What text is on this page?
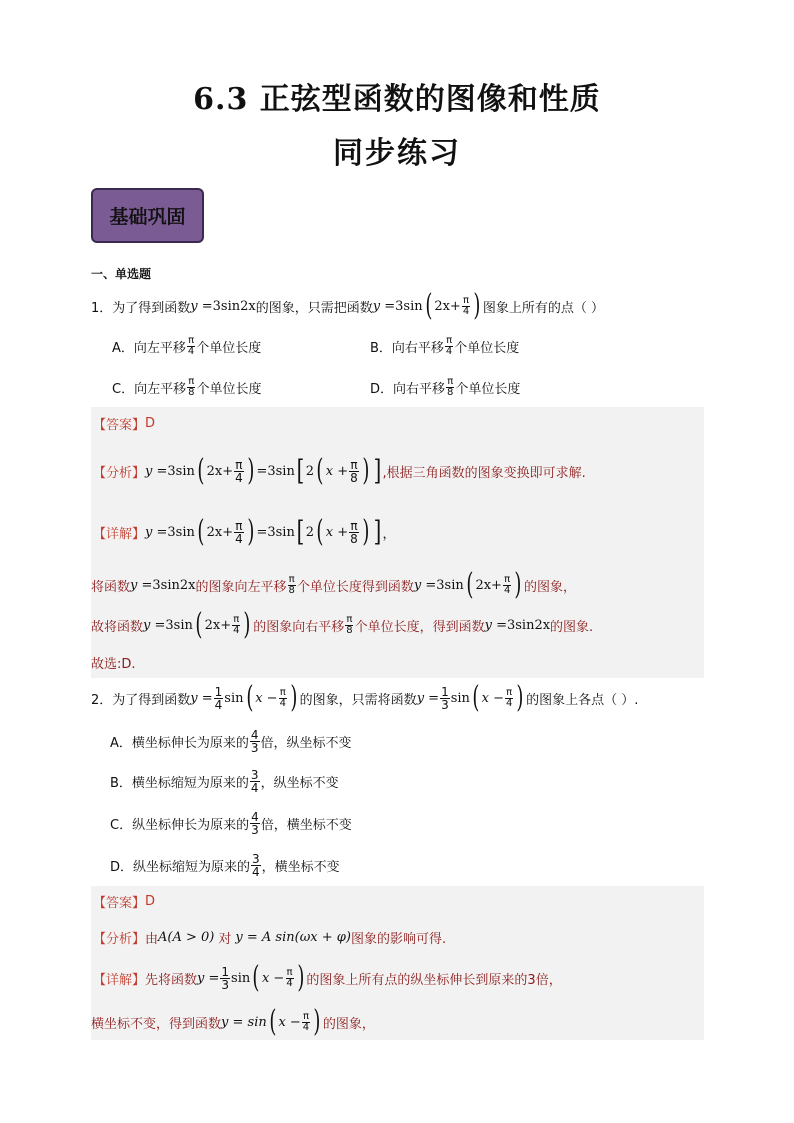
6.3 正弦型函数的图像和性质
同步练习
基础巩固
一、单选题
1．为了得到函数 y = 3sin2x 的图象，只需把函数 y = 3sin ( $2x+ \frac{\pi}{4}$ ) 图象上所有的点（ ）
A．向左平移 $\frac{\pi}{4}$ 个单位长度	B．向右平移 $\frac{\pi}{4}$ 个单位长度
C．向左平移 $\frac{\pi}{8}$ 个单位长度	D．向右平移 $\frac{\pi}{8}$ 个单位长度
【答案】 D
【分析】 y = 3sin ( $2x+ \frac{\pi}{4}$ ) = 3sin [ 2 ( $x + \frac{\pi}{8}$ ) ] ,根据三角函数的图象变换即可求解.
【详解】 y = 3sin ( $2x+ \frac{\pi}{4}$ ) = 3sin [ 2 ( $x + \frac{\pi}{8}$ ) ] ，
将函数 y = 3sin2x 的图象向左平移 $\frac{\pi}{8}$ 个单位长度得到函数 y = 3sin ( $2x+ \frac{\pi}{4}$ ) 的图象，
故将函数 y = 3sin ( $2x+ \frac{\pi}{4}$ ) 的图象向右平移 $\frac{\pi}{8}$ 个单位长度，得到函数 y = 3sin2x 的图象.
故选:D.
2．为了得到函数 $y = \frac{1}{4}$ sin ( $x - \frac{\pi}{4}$ ) 的图象，只需将函数 $y = \frac{1}{3}$ sin ( $x - \frac{\pi}{4}$ ) 的图象上各点（ ）.
A．横坐标伸长为原来的 $\frac{4}{3}$ 倍，纵坐标不变
B．横坐标缩短为原来的 $\frac{3}{4}$ ，纵坐标不变
C．纵坐标伸长为原来的 $\frac{4}{3}$ 倍，横坐标不变
D．纵坐标缩短为原来的 $\frac{3}{4}$ ，横坐标不变
【答案】 D
【分析】 由 A(A > 0) 对 y = A sin(ωx + φ) 图象的影响可得.
【详解】 先将函数 $y = \frac{1}{3}$ sin ( $x - \frac{\pi}{4}$ ) 的图象上所有点的纵坐标伸长到原来的3倍，
横坐标不变，得到函数 y = sin ( $x - \frac{\pi}{4}$ ) 的图象，
